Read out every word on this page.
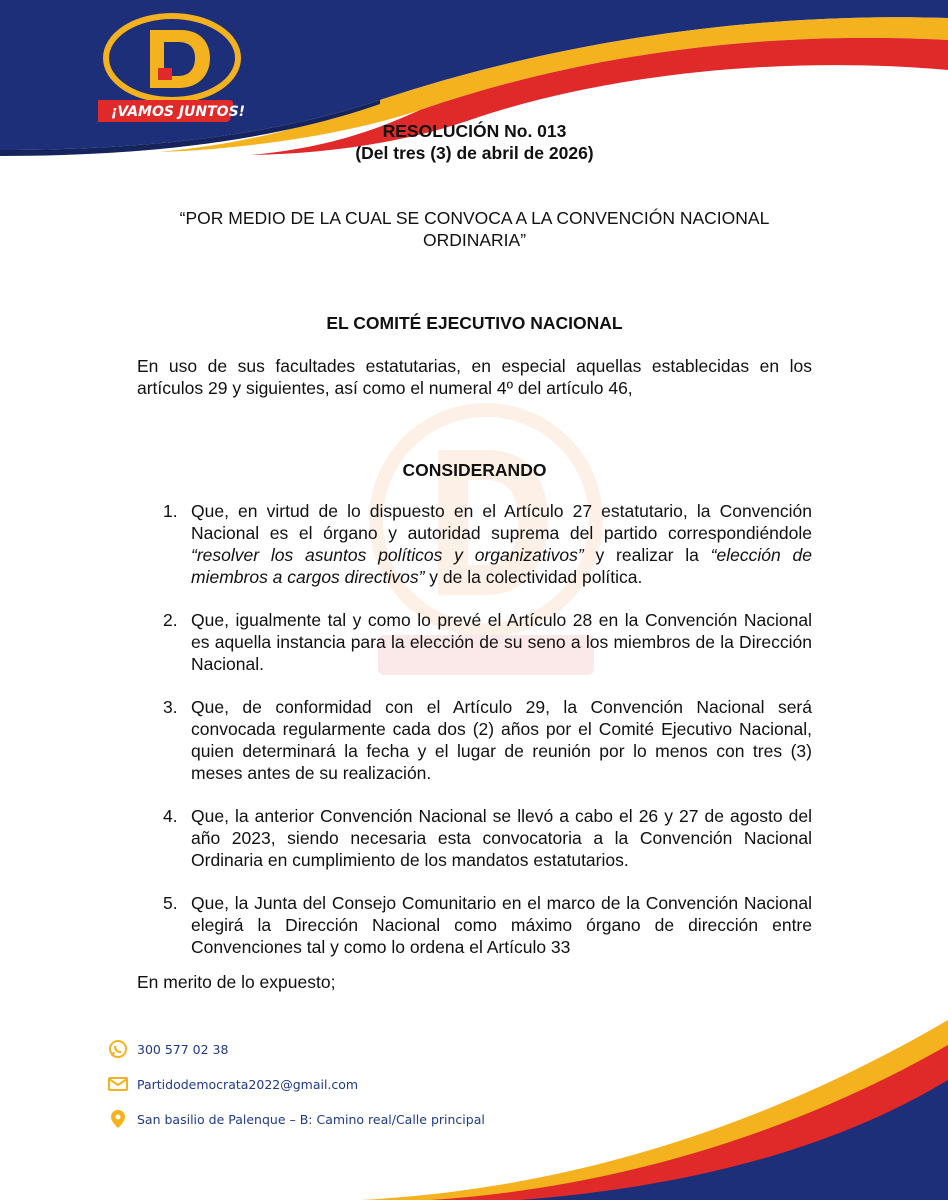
¡VAMOS JUNTOS!
RESOLUCIÓN No. 013
(Del tres (3) de abril de 2026)
“POR MEDIO DE LA CUAL SE CONVOCA A LA CONVENCIÓN NACIONAL
ORDINARIA”
EL COMITÉ EJECUTIVO NACIONAL
En uso de sus facultades estatutarias, en especial aquellas establecidas en los artículos 29 y siguientes, así como el numeral 4º del artículo 46,
CONSIDERANDO
1. Que, en virtud de lo dispuesto en el Artículo 27 estatutario, la Convención Nacional es el órgano y autoridad suprema del partido correspondiéndole “resolver los asuntos políticos y organizativos” y realizar la “elección de miembros a cargos directivos” y de la colectividad política.
2. Que, igualmente tal y como lo prevé el Artículo 28 en la Convención Nacional es aquella instancia para la elección de su seno a los miembros de la Dirección Nacional.
3. Que, de conformidad con el Artículo 29, la Convención Nacional será convocada regularmente cada dos (2) años por el Comité Ejecutivo Nacional, quien determinará la fecha y el lugar de reunión por lo menos con tres (3) meses antes de su realización.
4. Que, la anterior Convención Nacional se llevó a cabo el 26 y 27 de agosto del año 2023, siendo necesaria esta convocatoria a la Convención Nacional Ordinaria en cumplimiento de los mandatos estatutarios.
5. Que, la Junta del Consejo Comunitario en el marco de la Convención Nacional elegirá la Dirección Nacional como máximo órgano de dirección entre Convenciones tal y como lo ordena el Artículo 33
En merito de lo expuesto;
300 577 02 38
Partidodemocrata2022@gmail.com
San basilio de Palenque – B: Camino real/Calle principal
